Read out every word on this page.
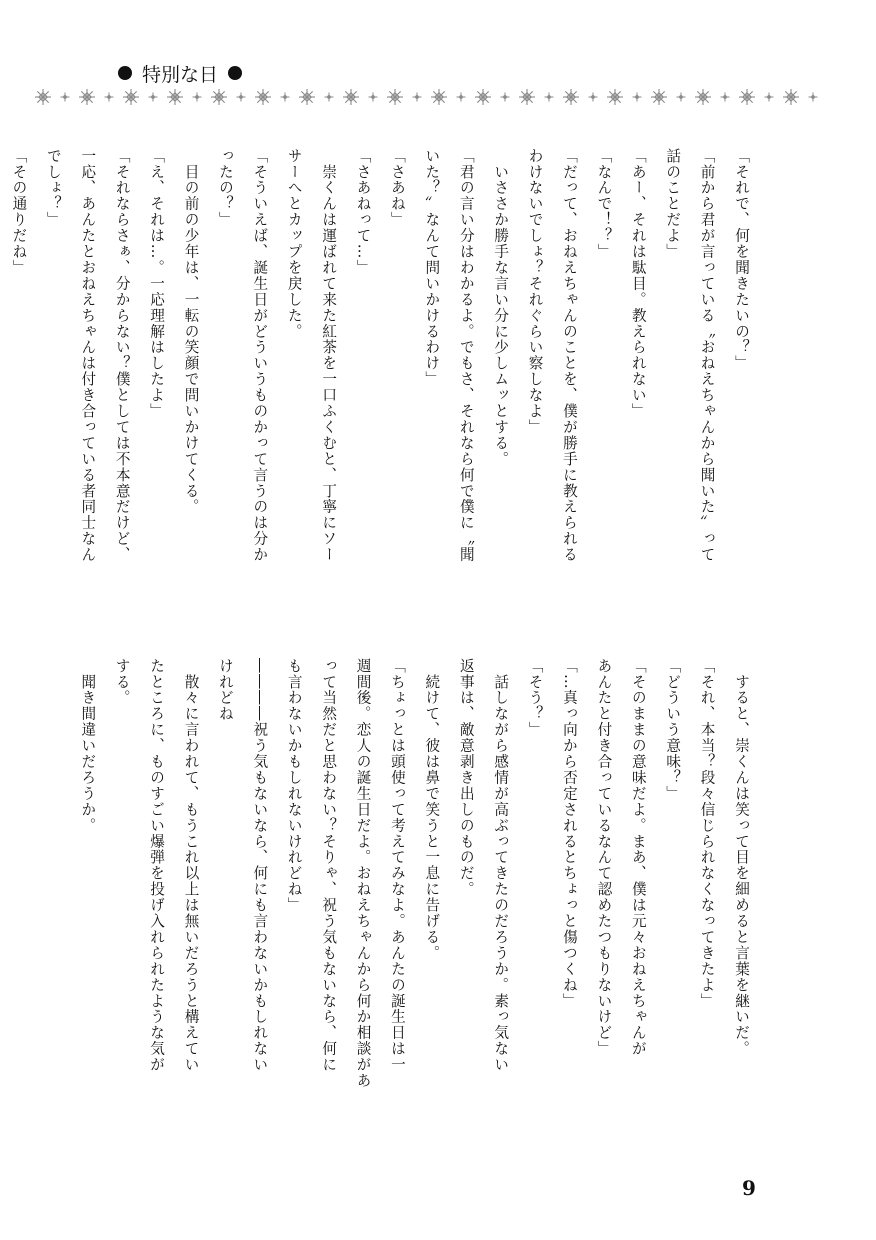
特別な日
「それで、何を聞きたいの？」
「前から君が言っている〝おねえちゃんから聞いた〟って
話のことだよ」
「あー、それは駄目。教えられない」
「なんで！？」
「だって、おねえちゃんのことを、僕が勝手に教えられる
わけないでしょ？それぐらい察しなよ」
　いささか勝手な言い分に少しムッとする。
「君の言い分はわかるよ。でもさ、それなら何で僕に〝聞
いた？〟なんて問いかけるわけ」
「さあね」
「さあねって…」
　崇くんは運ばれて来た紅茶を一口ふくむと、丁寧にソー
サーへとカップを戻した。
「そういえば、誕生日がどういうものかって言うのは分か
ったの？」
　目の前の少年は、一転の笑顔で問いかけてくる。
「え、それは…。一応理解はしたよ」
「それならさぁ、分からない？僕としては不本意だけど、
一応、あんたとおねえちゃんは付き合っている者同士なん
でしょ？」
「その通りだね」
　すると、崇くんは笑って目を細めると言葉を継いだ。
「それ、本当？段々信じられなくなってきたよ」
「どういう意味？」
「そのままの意味だよ。まあ、僕は元々おねえちゃんが
あんたと付き合っているなんて認めたつもりないけど」
「…真っ向から否定されるとちょっと傷つくね」
「そう？」
　話しながら感情が高ぶってきたのだろうか。素っ気ない
返事は、敵意剥き出しのものだ。
　続けて、彼は鼻で笑うと一息に告げる。
「ちょっとは頭使って考えてみなよ。あんたの誕生日は一
週間後。恋人の誕生日だよ。おねえちゃんから何か相談があ
って当然だと思わない？そりゃ、祝う気もないなら、何に
も言わないかもしれないけれどね」
――――祝う気もないなら、何にも言わないかもしれない
けれどね
　散々に言われて、もうこれ以上は無いだろうと構えてい
たところに、ものすごい爆弾を投げ入れられたような気が
する。
　聞き間違いだろうか。
9
